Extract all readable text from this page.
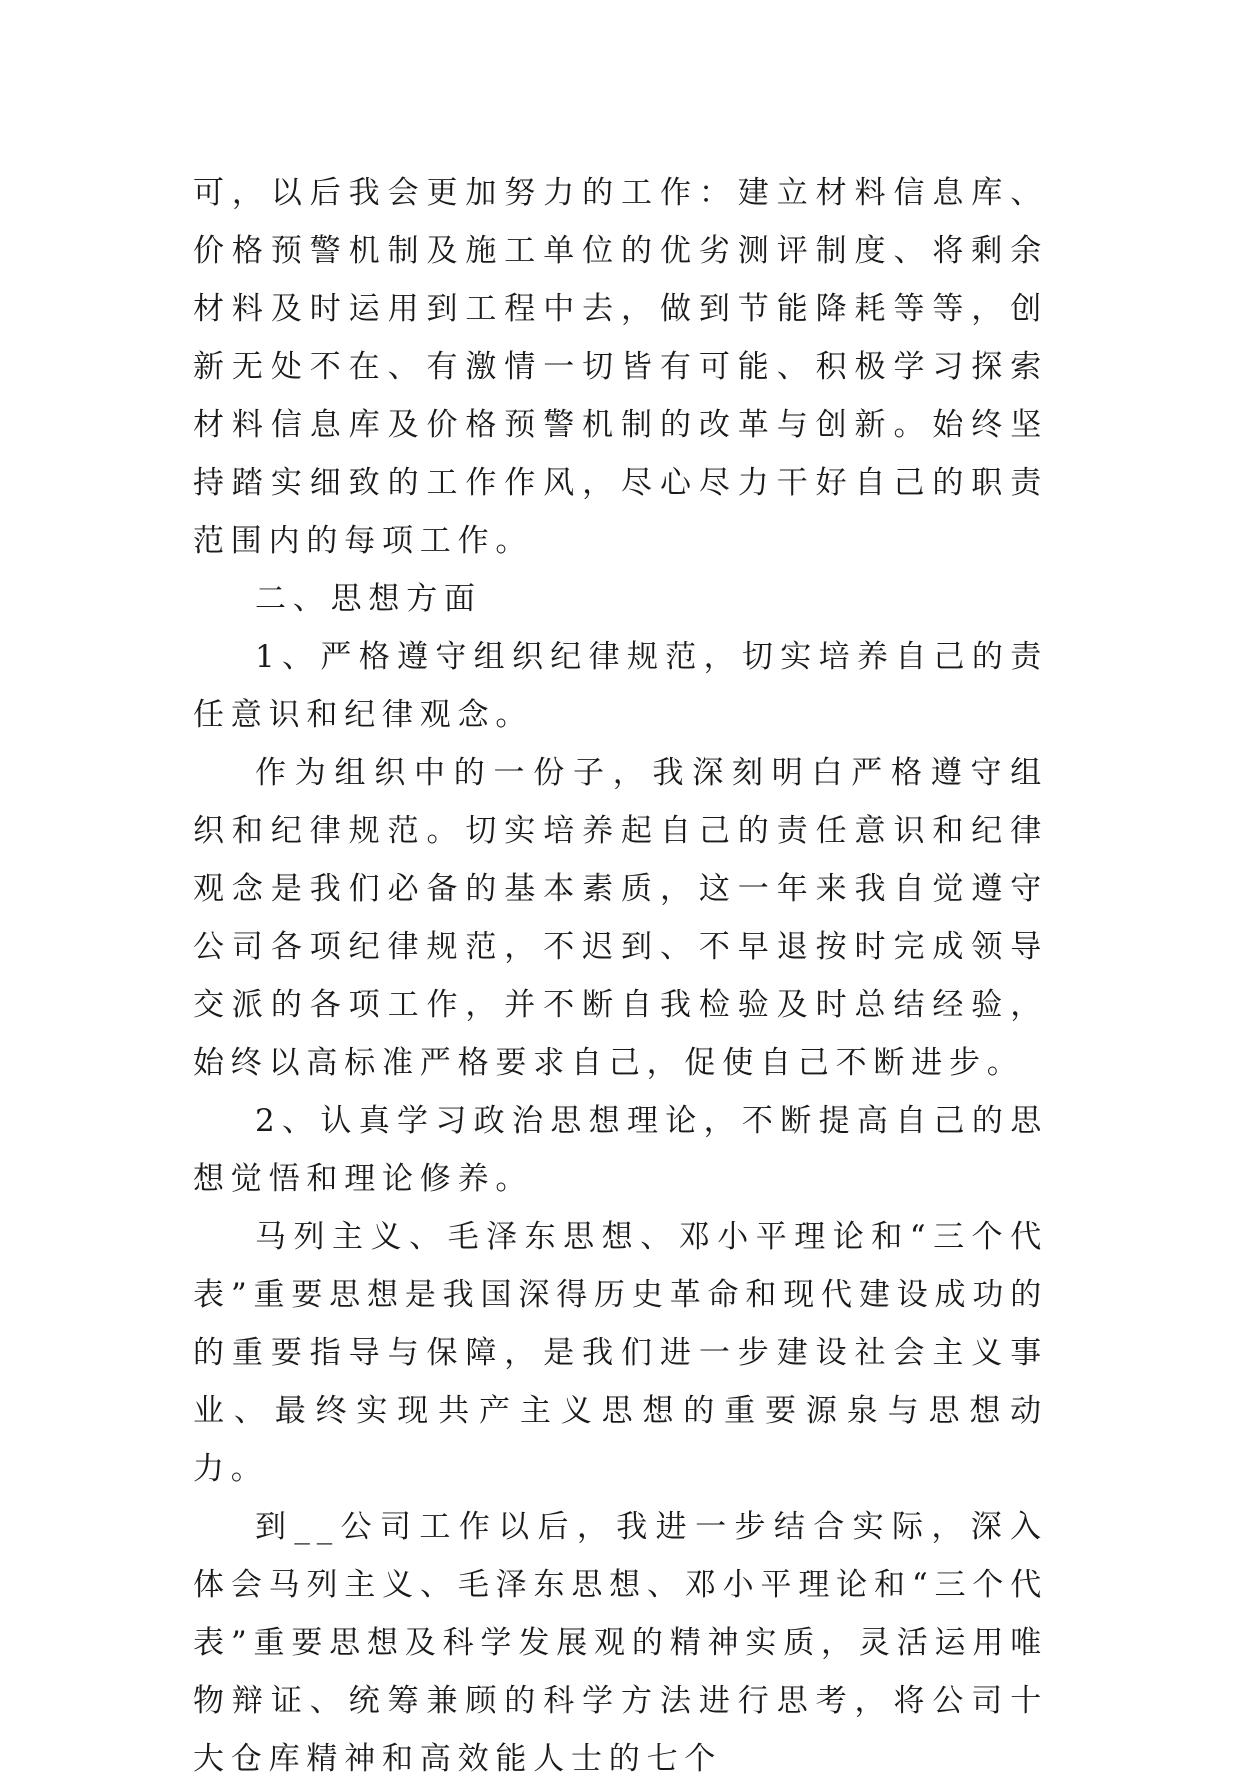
可，以后我会更加努力的工作：建立材料信息库、价格预警机制及施工单位的优劣测评制度、将剩余材料及时运用到工程中去，做到节能降耗等等，创新无处不在、有激情一切皆有可能、积极学习探索材料信息库及价格预警机制的改革与创新。始终坚持踏实细致的工作作风，尽心尽力干好自己的职责范围内的每项工作。

二、思想方面

1、严格遵守组织纪律规范，切实培养自己的责任意识和纪律观念。

作为组织中的一份子，我深刻明白严格遵守组织和纪律规范。切实培养起自己的责任意识和纪律观念是我们必备的基本素质，这一年来我自觉遵守公司各项纪律规范，不迟到、不早退按时完成领导交派的各项工作，并不断自我检验及时总结经验，始终以高标准严格要求自己，促使自己不断进步。

2、认真学习政治思想理论，不断提高自己的思想觉悟和理论修养。

马列主义、毛泽东思想、邓小平理论和“三个代表”重要思想是我国深得历史革命和现代建设成功的的重要指导与保障，是我们进一步建设社会主义事业、最终实现共产主义思想的重要源泉与思想动力。

到__公司工作以后，我进一步结合实际，深入体会马列主义、毛泽东思想、邓小平理论和“三个代表”重要思想及科学发展观的精神实质，灵活运用唯物辩证、统筹兼顾的科学方法进行思考，将公司十大仓库精神和高效能人士的七个
